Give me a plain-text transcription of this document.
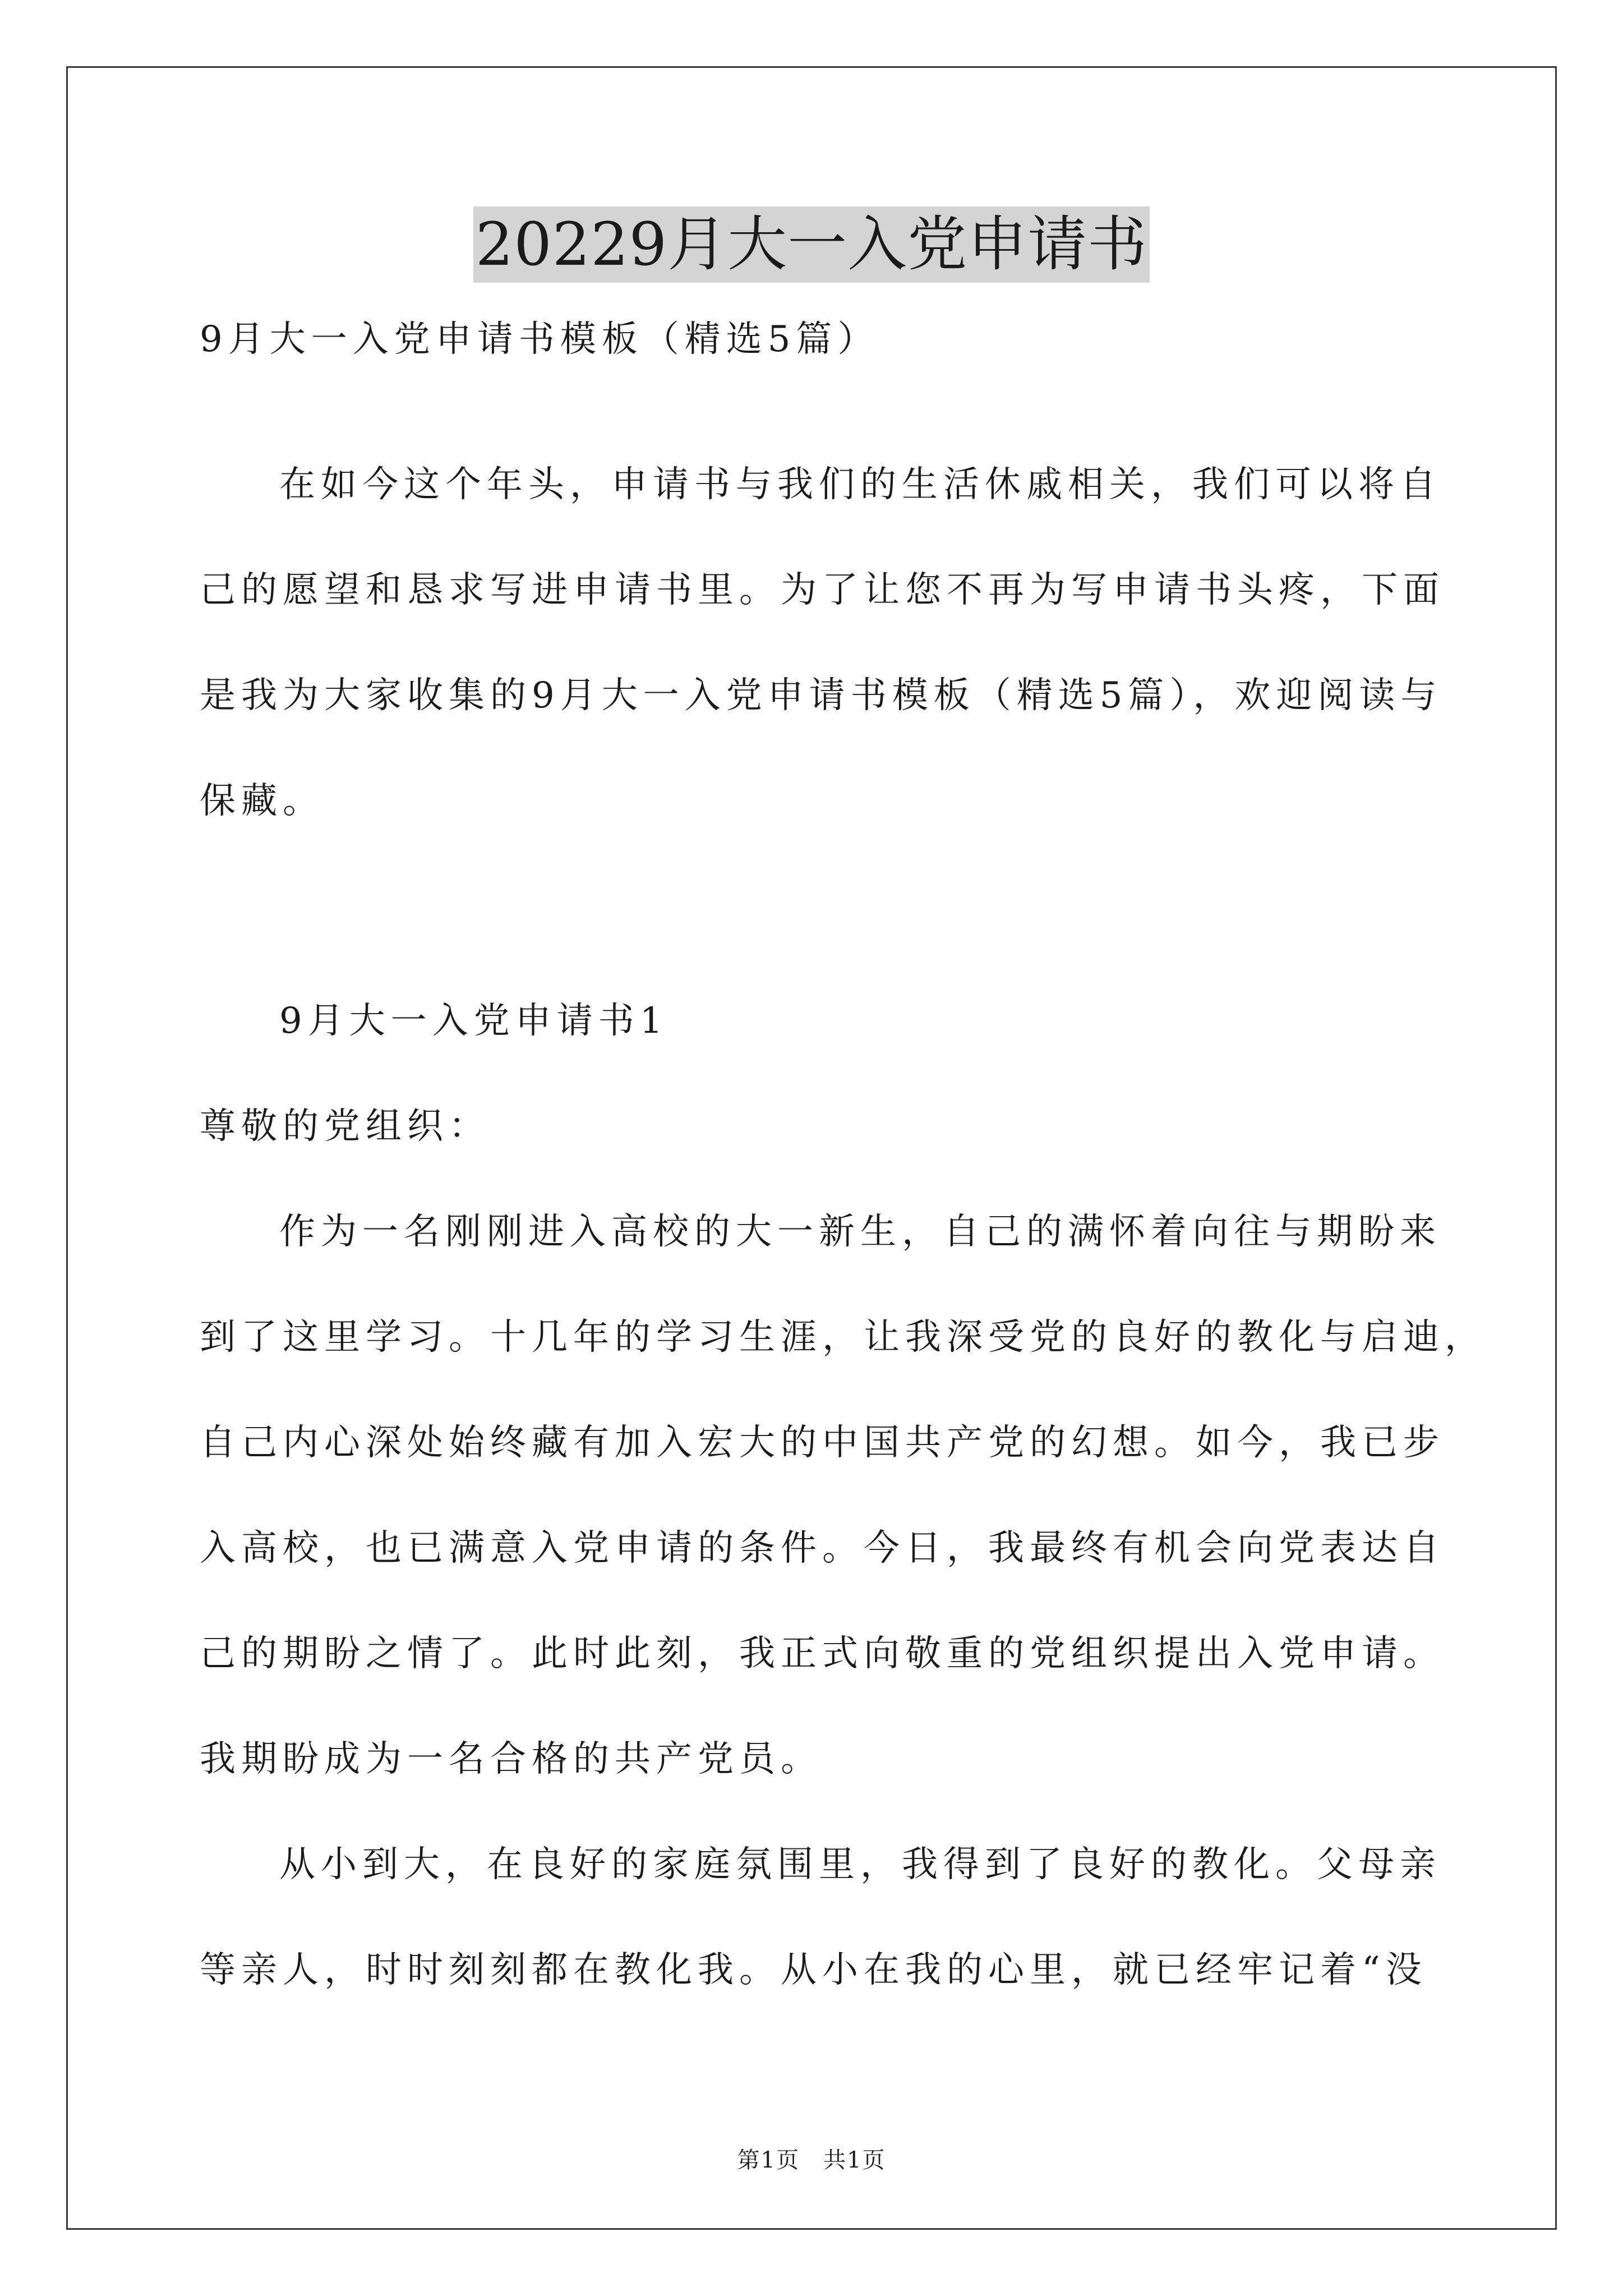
20229月大一入党申请书
9月大一入党申请书模板（精选5篇）
在如今这个年头，申请书与我们的生活休戚相关，我们可以将自
己的愿望和恳求写进申请书里。为了让您不再为写申请书头疼，下面
是我为大家收集的9月大一入党申请书模板（精选5篇），欢迎阅读与
保藏。
9月大一入党申请书1
尊敬的党组织：
作为一名刚刚进入高校的大一新生，自己的满怀着向往与期盼来
到了这里学习。十几年的学习生涯，让我深受党的良好的教化与启迪，
自己内心深处始终藏有加入宏大的中国共产党的幻想。如今，我已步
入高校，也已满意入党申请的条件。今日，我最终有机会向党表达自
己的期盼之情了。此时此刻，我正式向敬重的党组织提出入党申请。
我期盼成为一名合格的共产党员。
从小到大，在良好的家庭氛围里，我得到了良好的教化。父母亲
等亲人，时时刻刻都在教化我。从小在我的心里，就已经牢记着“没
第1页　共1页
